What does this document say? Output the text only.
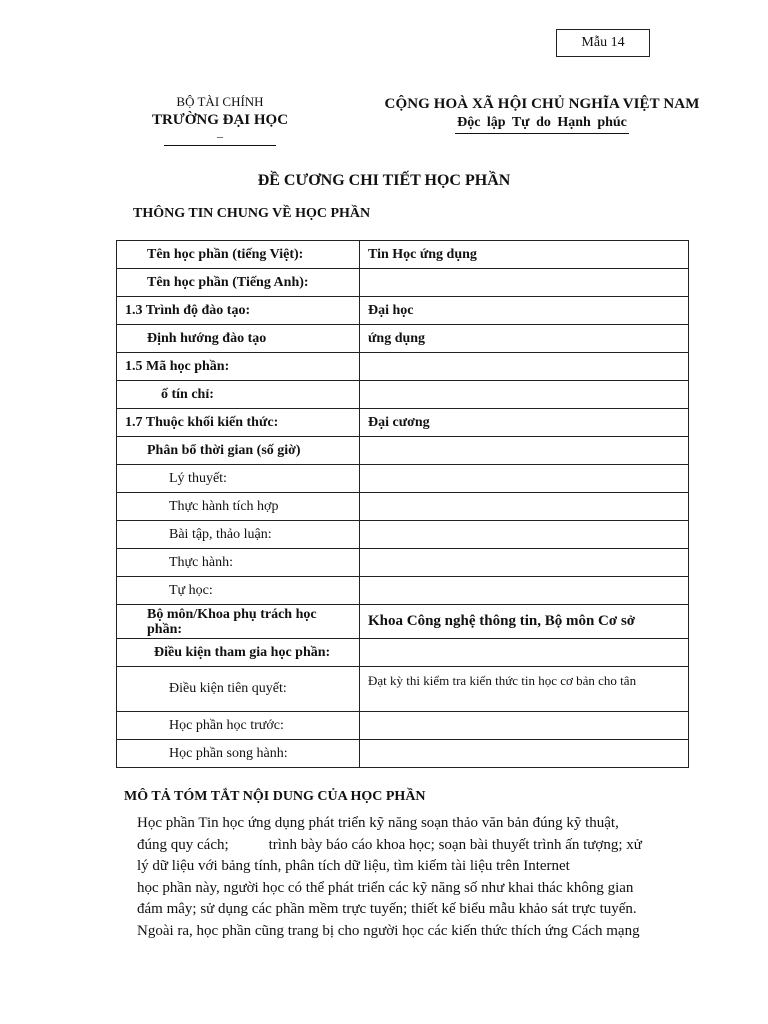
Mẫu 14
BỘ TÀI CHÍNH
TRƯỜNG ĐẠI HỌC
–
CỘNG HOÀ XÃ HỘI CHỦ NGHĨA VIỆT NAM
Độc lập Tự do Hạnh phúc
ĐỀ CƯƠNG CHI TIẾT HỌC PHẦN
THÔNG TIN CHUNG VỀ HỌC PHẦN
Tên học phần (tiếng Việt):	Tin Học ứng dụng
Tên học phần (Tiếng Anh):	
1.3 Trình độ đào tạo:	Đại học
Định hướng đào tạo	ứng dụng
1.5 Mã học phần:	
ố tín chỉ:	
1.7 Thuộc khối kiến thức:	Đại cương
Phân bổ thời gian (số giờ)	
Lý thuyết:	
Thực hành tích hợp	
Bài tập, thảo luận:	
Thực hành:	
Tự học:	
Bộ môn/Khoa phụ trách học phần:	Khoa Công nghệ thông tin, Bộ môn Cơ sở
Điều kiện tham gia học phần:	
Điều kiện tiên quyết:	Đạt kỳ thi kiểm tra kiến thức tin học cơ bản cho tân
Học phần học trước:	
Học phần song hành:	
MÔ TẢ TÓM TẮT NỘI DUNG CỦA HỌC PHẦN

Học phần Tin học ứng dụng phát triển kỹ năng soạn thảo văn bản đúng kỹ thuật,

đúng quy cách;	trình bày báo cáo khoa học; soạn bài thuyết trình ấn tượng; xử

lý dữ liệu với bảng tính, phân tích dữ liệu, tìm kiếm tài liệu trên Internet

học phần này, người học có thể phát triển các kỹ năng số như khai thác không gian

đám mây; sử dụng các phần mềm trực tuyến; thiết kế biểu mẫu khảo sát trực tuyến.

Ngoài ra, học phần cũng trang bị cho người học các kiến thức thích ứng Cách mạng
